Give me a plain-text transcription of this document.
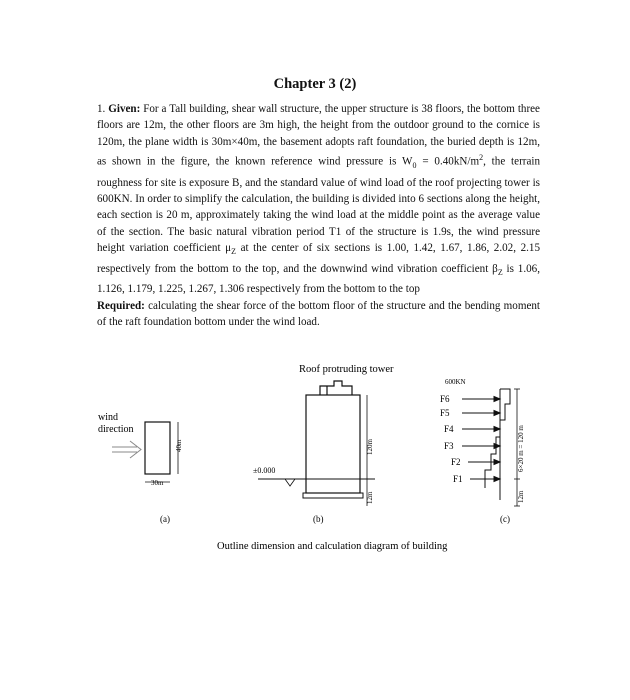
Chapter 3 (2)

1. Given: For a Tall building, shear wall structure, the upper structure is 38 floors, the bottom three floors are 12m, the other floors are 3m high, the height from the outdoor ground to the cornice is 120m, the plane width is 30m×40m, the basement adopts raft foundation, the buried depth is 12m, as shown in the figure, the known reference wind pressure is $W_0 = 0.40kN/m^2$, the terrain roughness for site is exposure B, and the standard value of wind load of the roof projecting tower is 600KN. In order to simplify the calculation, the building is divided into 6 sections along the height, each section is 20 m, approximately taking the wind load at the middle point as the average value of the section. The basic natural vibration period T1 of the structure is 1.9s, the wind pressure height variation coefficient $\mu_Z$ at the center of six sections is 1.00, 1.42, 1.67, 1.86, 2.02, 2.15 respectively from the bottom to the top, and the downwind wind vibration coefficient $\beta_Z$ is 1.06, 1.126, 1.179, 1.225, 1.267, 1.306 respectively from the bottom to the top

Required: calculating the shear force of the bottom floor of the structure and the bending moment of the raft foundation bottom under the wind load.

wind
direction
30m
40m
(a)
Roof protruding tower
±0.000
120m
12m
(b)
600KN
F6
F5
F4
F3
F2
F1
6×20 m = 120 m
12m
(c)
Outline dimension and calculation diagram of building
